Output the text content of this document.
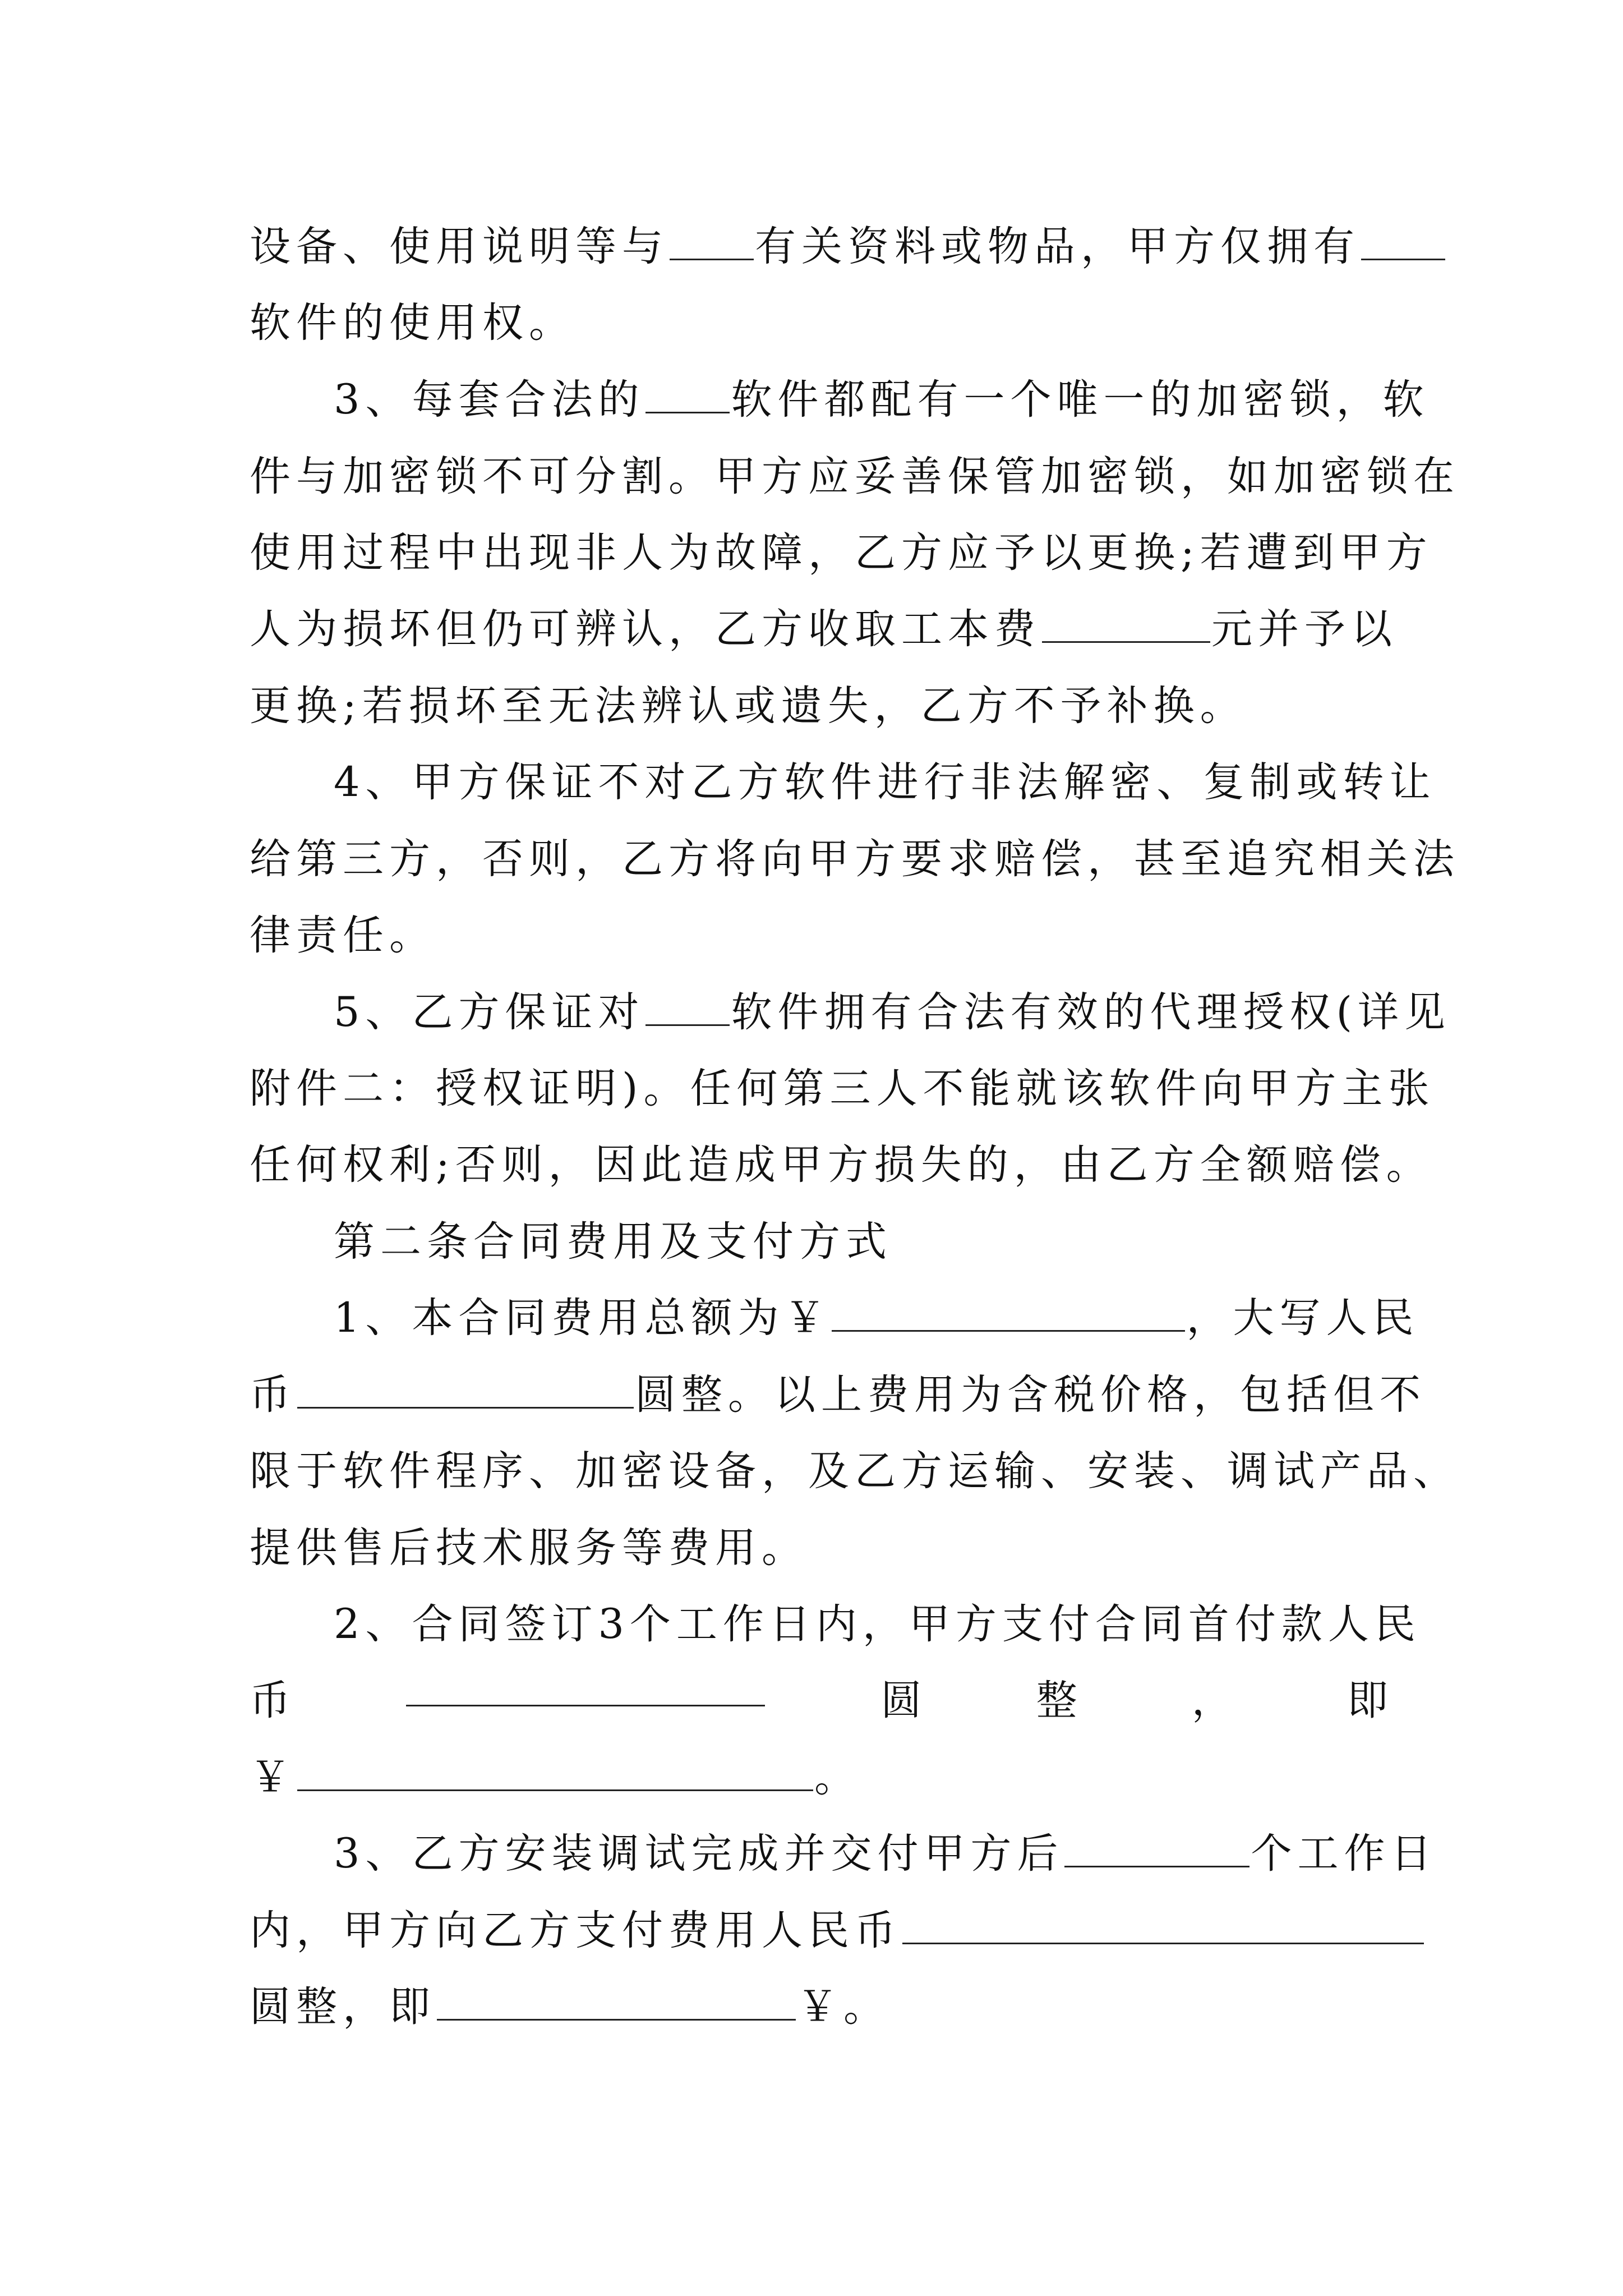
设备、使用说明等与 有关资料或物品，甲方仅拥有
软件的使用权。
3、每套合法的 软件都配有一个唯一的加密锁，软
件与加密锁不可分割。甲方应妥善保管加密锁，如加密锁在
使用过程中出现非人为故障，乙方应予以更换;若遭到甲方
人为损坏但仍可辨认，乙方收取工本费	元并予以
更换;若损坏至无法辨认或遗失，乙方不予补换。
4、甲方保证不对乙方软件进行非法解密、复制或转让
给第三方，否则，乙方将向甲方要求赔偿，甚至追究相关法
律责任。
5、乙方保证对 软件拥有合法有效的代理授权(详见
附件二：授权证明)。任何第三人不能就该软件向甲方主张
任何权利;否则，因此造成甲方损失的，由乙方全额赔偿。
第二条合同费用及支付方式
1、本合同费用总额为￥	，大写人民
币	圆整。以上费用为含税价格，包括但不
限于软件程序、加密设备，及乙方运输、安装、调试产品、
提供售后技术服务等费用。
2、合同签订3个工作日内，甲方支付合同首付款人民
币	圆	整	，	即
￥	。
3、乙方安装调试完成并交付甲方后	个工作日
内，甲方向乙方支付费用人民币
圆整，即	￥。
